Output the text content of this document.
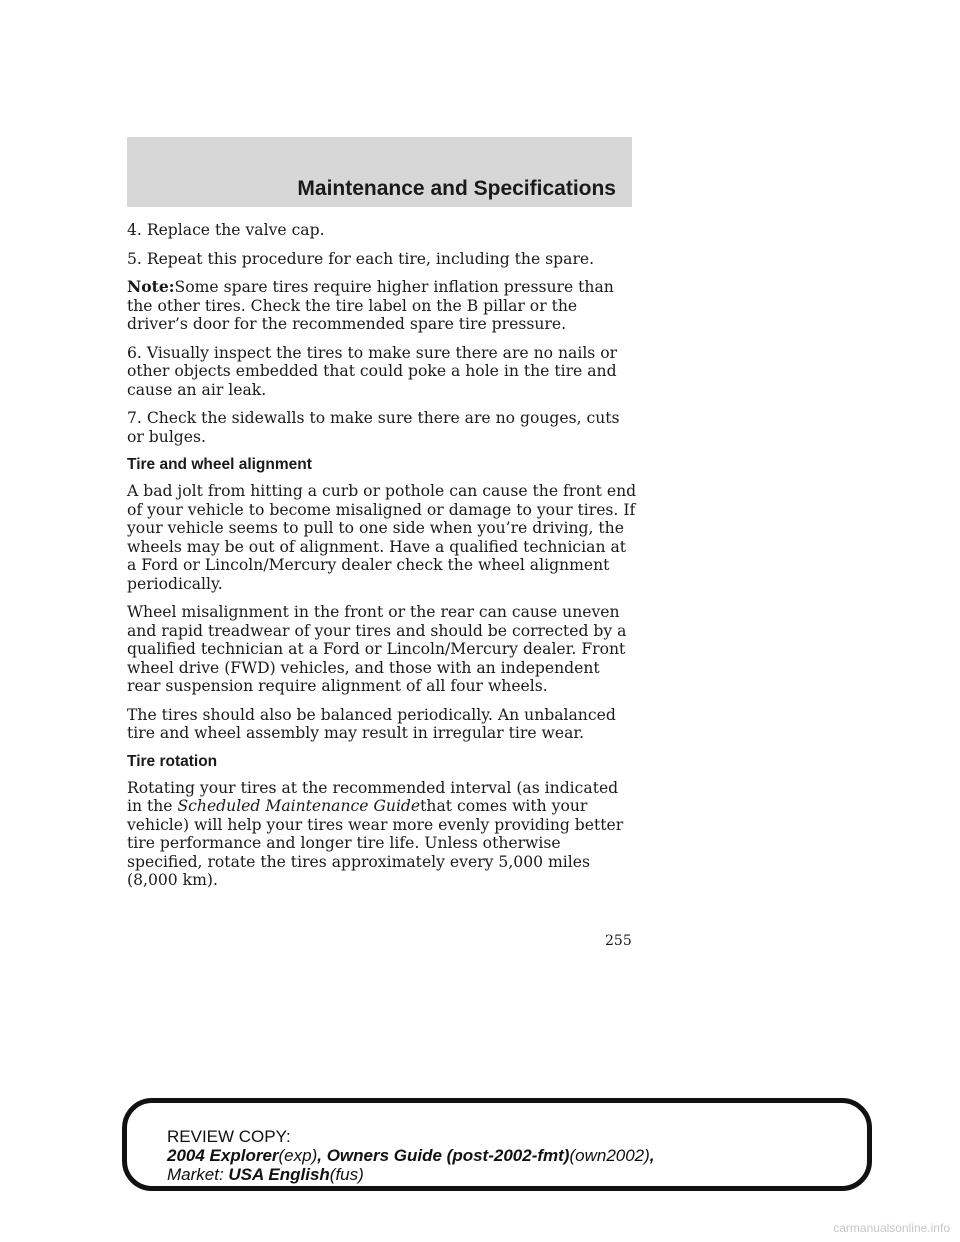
Maintenance and Specifications

4. Replace the valve cap.

5. Repeat this procedure for each tire, including the spare.

Note:Some spare tires require higher inflation pressure than the other tires. Check the tire label on the B pillar or the driver’s door for the recommended spare tire pressure.

6. Visually inspect the tires to make sure there are no nails or other objects embedded that could poke a hole in the tire and cause an air leak.

7. Check the sidewalls to make sure there are no gouges, cuts or bulges.

Tire and wheel alignment

A bad jolt from hitting a curb or pothole can cause the front end of your vehicle to become misaligned or damage to your tires. If your vehicle seems to pull to one side when you’re driving, the wheels may be out of alignment. Have a qualified technician at a Ford or Lincoln/Mercury dealer check the wheel alignment periodically.

Wheel misalignment in the front or the rear can cause uneven and rapid treadwear of your tires and should be corrected by a qualified technician at a Ford or Lincoln/Mercury dealer. Front wheel drive (FWD) vehicles, and those with an independent rear suspension require alignment of all four wheels.

The tires should also be balanced periodically. An unbalanced tire and wheel assembly may result in irregular tire wear.

Tire rotation

Rotating your tires at the recommended interval (as indicated in the Scheduled Maintenance Guidethat comes with your vehicle) will help your tires wear more evenly providing better tire performance and longer tire life. Unless otherwise specified, rotate the tires approximately every 5,000 miles (8,000 km).

255
REVIEW COPY:
2004 Explorer(exp), Owners Guide (post-2002-fmt)(own2002),
Market: USA English(fus)
carmanualsonline.info
